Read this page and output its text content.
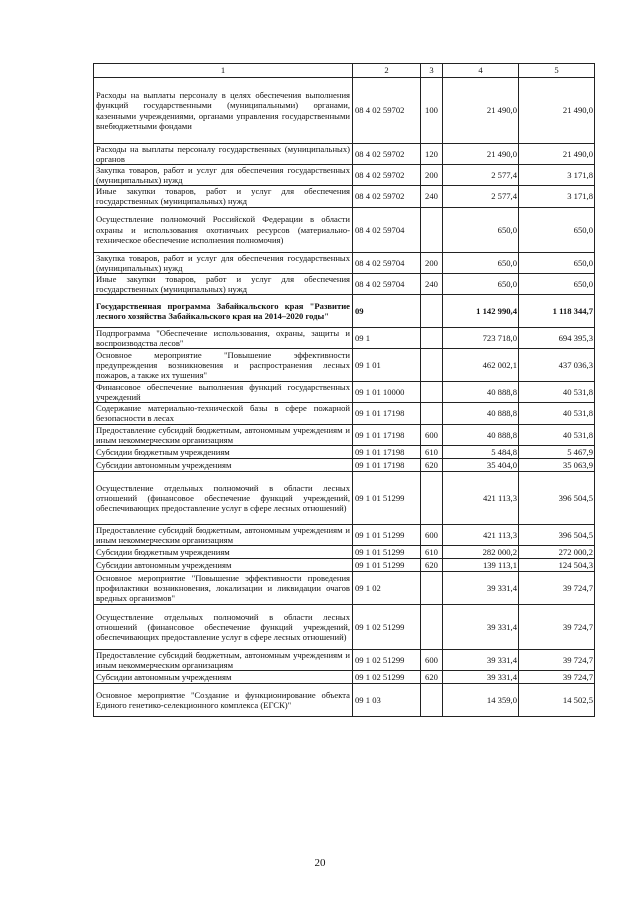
1	2	3	4	5
Расходы на выплаты персоналу в целях обеспечения выполнения функций государственными (муниципальными) органами, казенными учреждениями, органами управления государственными внебюджетными фондами	08 4 02 59702	100	21 490,0	21 490,0
Расходы на выплаты персоналу государственных (муниципальных) органов	08 4 02 59702	120	21 490,0	21 490,0
Закупка товаров, работ и услуг для обеспечения государственных (муниципальных) нужд	08 4 02 59702	200	2 577,4	3 171,8
Иные закупки товаров, работ и услуг для обеспечения государственных (муниципальных) нужд	08 4 02 59702	240	2 577,4	3 171,8
Осуществление полномочий Российской Федерации в области охраны и использования охотничьих ресурсов (материально-техническое обеспечение исполнения полномочия)	08 4 02 59704		650,0	650,0
Закупка товаров, работ и услуг для обеспечения государственных (муниципальных) нужд	08 4 02 59704	200	650,0	650,0
Иные закупки товаров, работ и услуг для обеспечения государственных (муниципальных) нужд	08 4 02 59704	240	650,0	650,0
Государственная программа Забайкальского края "Развитие лесного хозяйства Забайкальского края на 2014–2020 годы"	09		1 142 990,4	1 118 344,7
Подпрограмма "Обеспечение использования, охраны, защиты и воспроизводства лесов"	09 1		723 718,0	694 395,3
Основное мероприятие "Повышение эффективности предупреждения возникновения и распространения лесных пожаров, а также их тушения"	09 1 01		462 002,1	437 036,3
Финансовое обеспечение выполнения функций государственных учреждений	09 1 01 10000		40 888,8	40 531,8
Содержание материально-технической базы в сфере пожарной безопасности в лесах	09 1 01 17198		40 888,8	40 531,8
Предоставление субсидий бюджетным, автономным учреждениям и иным некоммерческим организациям	09 1 01 17198	600	40 888,8	40 531,8
Субсидии бюджетным учреждениям	09 1 01 17198	610	5 484,8	5 467,9
Субсидии автономным учреждениям	09 1 01 17198	620	35 404,0	35 063,9
Осуществление отдельных полномочий в области лесных отношений (финансовое обеспечение функций учреждений, обеспечивающих предоставление услуг в сфере лесных отношений)	09 1 01 51299		421 113,3	396 504,5
Предоставление субсидий бюджетным, автономным учреждениям и иным некоммерческим организациям	09 1 01 51299	600	421 113,3	396 504,5
Субсидии бюджетным учреждениям	09 1 01 51299	610	282 000,2	272 000,2
Субсидии автономным учреждениям	09 1 01 51299	620	139 113,1	124 504,3
Основное мероприятие "Повышение эффективности проведения профилактики возникновения, локализации и ликвидации очагов вредных организмов"	09 1 02		39 331,4	39 724,7
Осуществление отдельных полномочий в области лесных отношений (финансовое обеспечение функций учреждений, обеспечивающих предоставление услуг в сфере лесных отношений)	09 1 02 51299		39 331,4	39 724,7
Предоставление субсидий бюджетным, автономным учреждениям и иным некоммерческим организациям	09 1 02 51299	600	39 331,4	39 724,7
Субсидии автономным учреждениям	09 1 02 51299	620	39 331,4	39 724,7
Основное мероприятие "Создание и функционирование объекта Единого генетико-селекционного комплекса (ЕГСК)"	09 1 03		14 359,0	14 502,5
20
